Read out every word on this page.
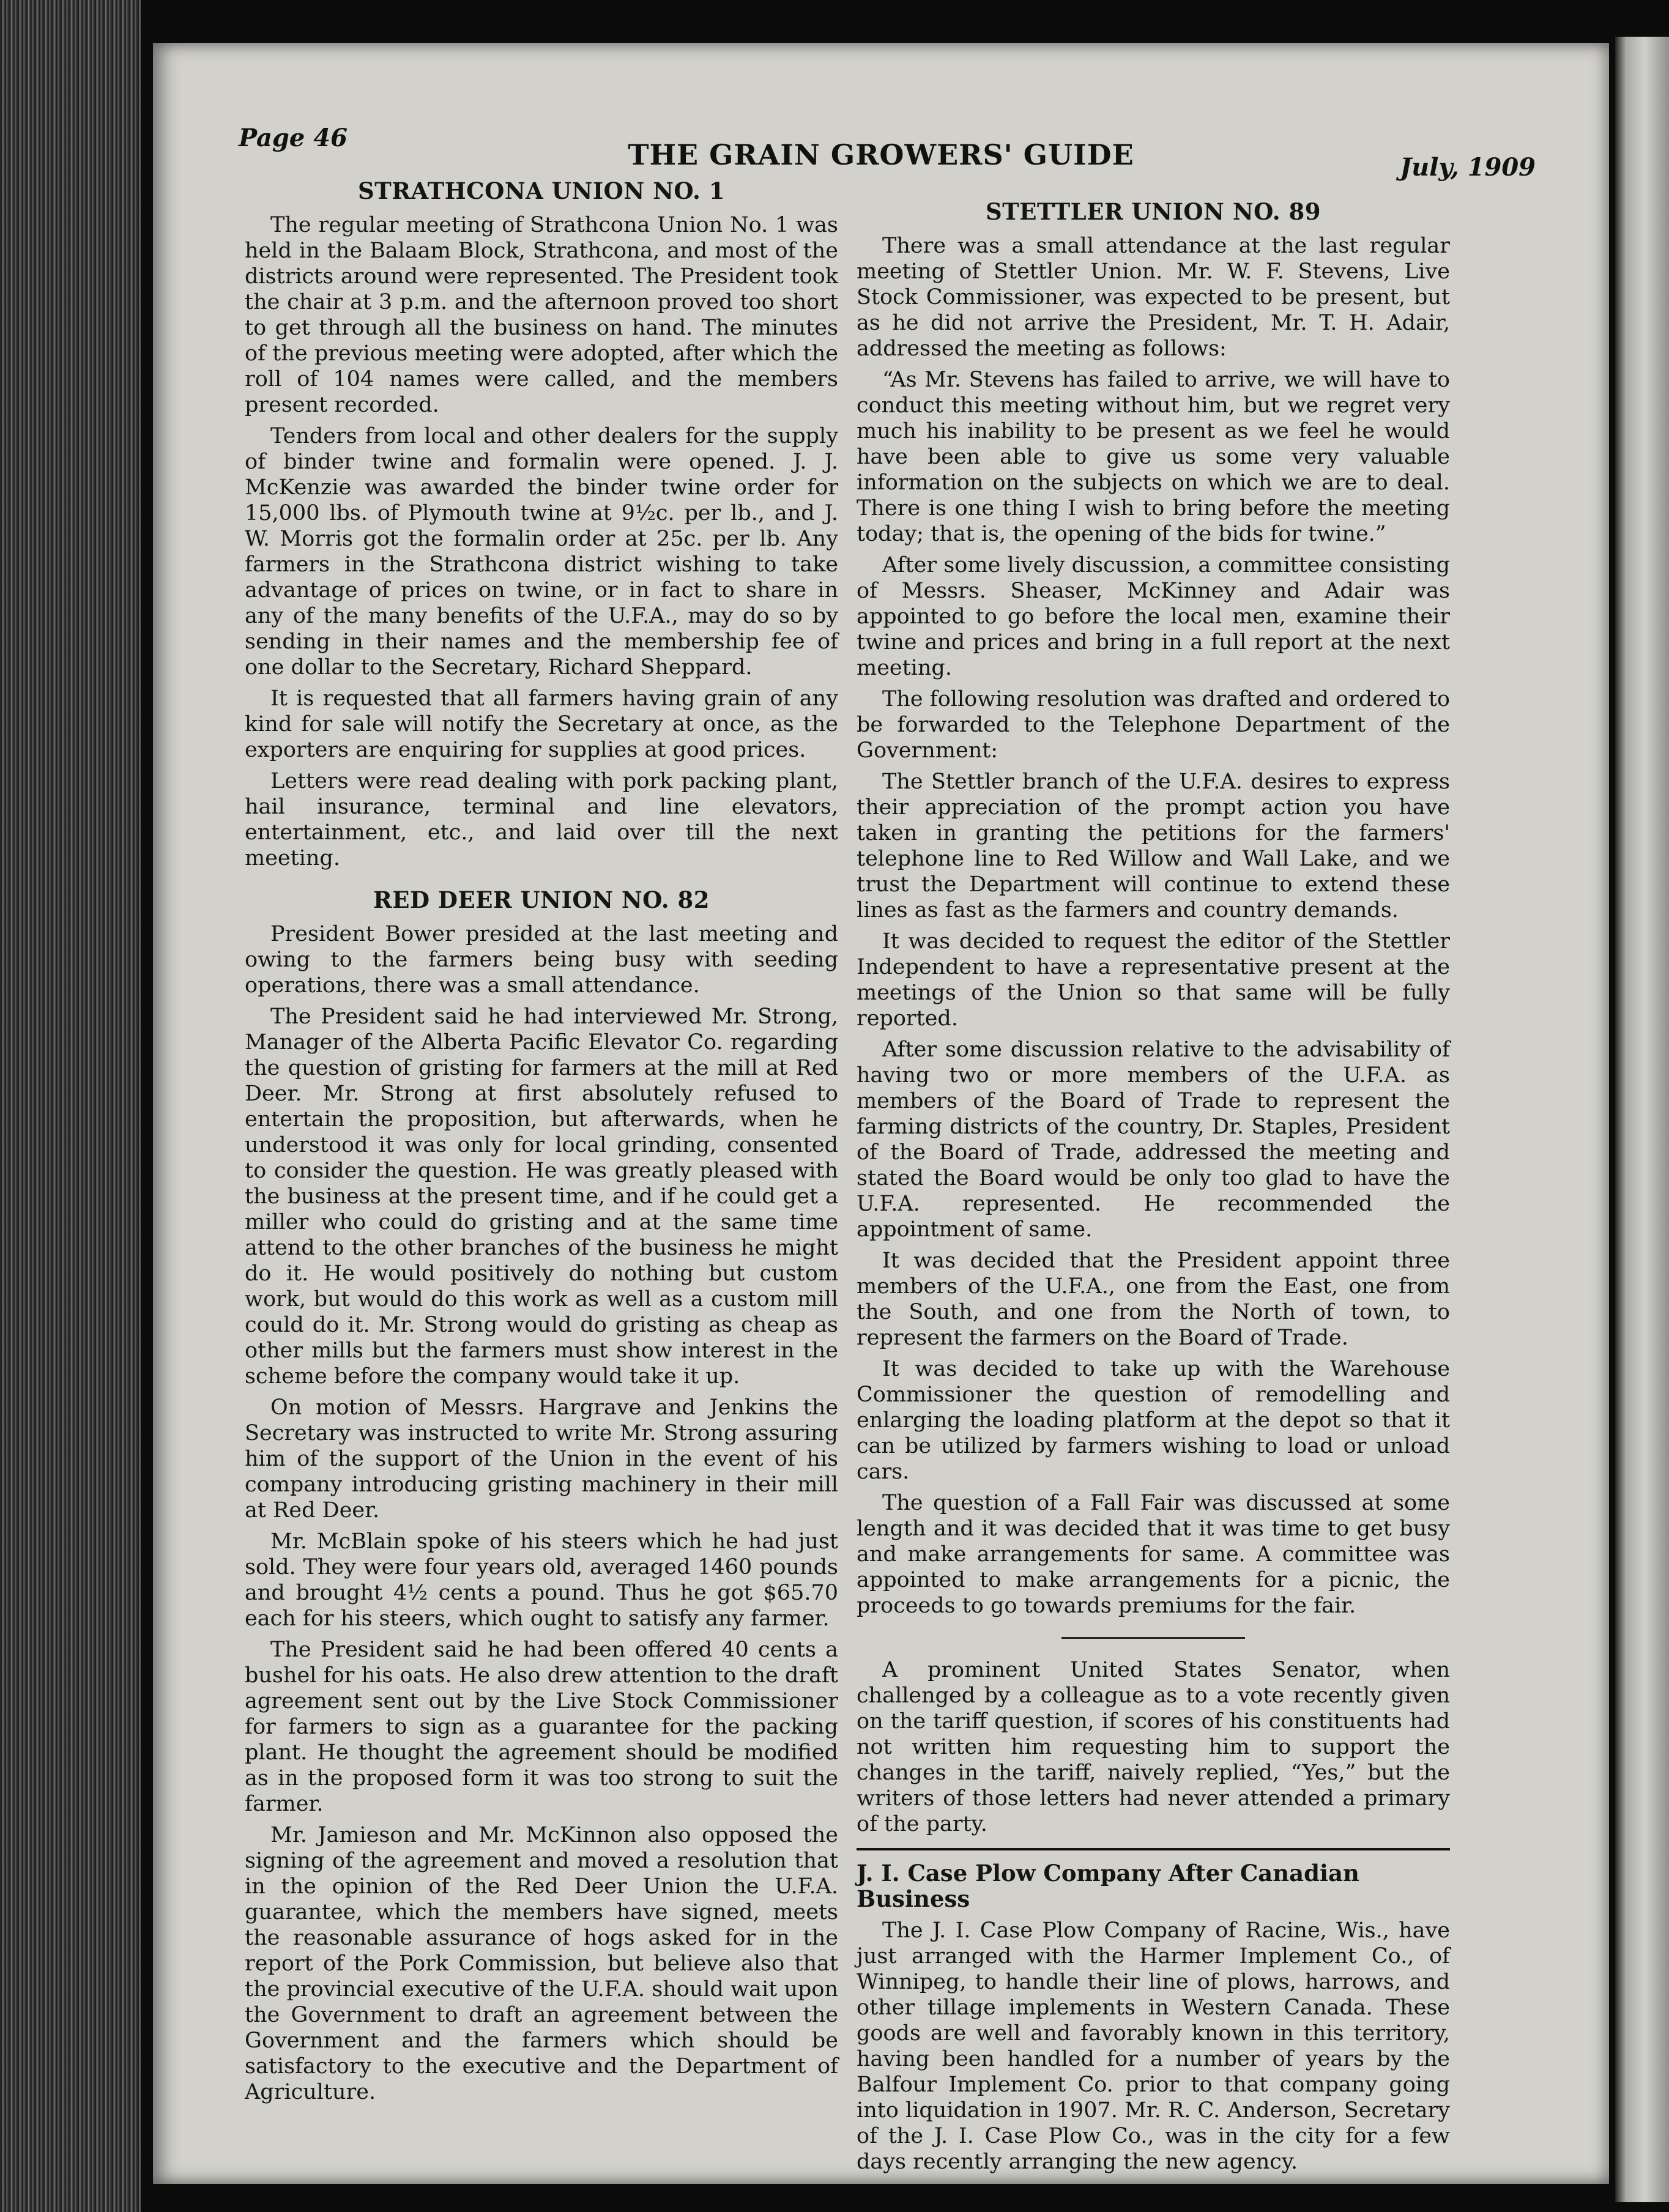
Page 46
THE GRAIN GROWERS' GUIDE	July, 1909
STRATHCONA UNION NO. 1

The regular meeting of Strathcona Union No. 1 was held in the Balaam Block, Strathcona, and most of the districts around were represented. The President took the chair at 3 p.m. and the afternoon proved too short to get through all the business on hand. The minutes of the previous meeting were adopted, after which the roll of 104 names were called, and the members present recorded.

Tenders from local and other dealers for the supply of binder twine and formalin were opened. J. J. McKenzie was awarded the binder twine order for 15,000 lbs. of Plymouth twine at 9½c. per lb., and J. W. Morris got the formalin order at 25c. per lb. Any farmers in the Strathcona district wishing to take advantage of prices on twine, or in fact to share in any of the many benefits of the U.F.A., may do so by sending in their names and the membership fee of one dollar to the Secretary, Richard Sheppard.

It is requested that all farmers having grain of any kind for sale will notify the Secretary at once, as the exporters are enquiring for supplies at good prices.

Letters were read dealing with pork packing plant, hail insurance, terminal and line elevators, entertainment, etc., and laid over till the next meeting.

RED DEER UNION NO. 82

President Bower presided at the last meeting and owing to the farmers being busy with seeding operations, there was a small attendance.

The President said he had interviewed Mr. Strong, Manager of the Alberta Pacific Elevator Co. regarding the question of gristing for farmers at the mill at Red Deer. Mr. Strong at first absolutely refused to entertain the proposition, but afterwards, when he understood it was only for local grinding, consented to consider the question. He was greatly pleased with the business at the present time, and if he could get a miller who could do gristing and at the same time attend to the other branches of the business he might do it. He would positively do nothing but custom work, but would do this work as well as a custom mill could do it. Mr. Strong would do gristing as cheap as other mills but the farmers must show interest in the scheme before the company would take it up.

On motion of Messrs. Hargrave and Jenkins the Secretary was instructed to write Mr. Strong assuring him of the support of the Union in the event of his company introducing gristing machinery in their mill at Red Deer.

Mr. McBlain spoke of his steers which he had just sold. They were four years old, averaged 1460 pounds and brought 4½ cents a pound. Thus he got $65.70 each for his steers, which ought to satisfy any farmer.

The President said he had been offered 40 cents a bushel for his oats. He also drew attention to the draft agreement sent out by the Live Stock Commissioner for farmers to sign as a guarantee for the packing plant. He thought the agreement should be modified as in the proposed form it was too strong to suit the farmer.

Mr. Jamieson and Mr. McKinnon also opposed the signing of the agreement and moved a resolution that in the opinion of the Red Deer Union the U.F.A. guarantee, which the members have signed, meets the reasonable assurance of hogs asked for in the report of the Pork Commission, but believe also that the provincial executive of the U.F.A. should wait upon the Government to draft an agreement between the Government and the farmers which should be satisfactory to the executive and the Department of Agriculture.

STETTLER UNION NO. 89

There was a small attendance at the last regular meeting of Stettler Union. Mr. W. F. Stevens, Live Stock Commissioner, was expected to be present, but as he did not arrive the President, Mr. T. H. Adair, addressed the meeting as follows:

“As Mr. Stevens has failed to arrive, we will have to conduct this meeting without him, but we regret very much his inability to be present as we feel he would have been able to give us some very valuable information on the subjects on which we are to deal. There is one thing I wish to bring before the meeting today; that is, the opening of the bids for twine.”

After some lively discussion, a committee consisting of Messrs. Sheaser, McKinney and Adair was appointed to go before the local men, examine their twine and prices and bring in a full report at the next meeting.

The following resolution was drafted and ordered to be forwarded to the Telephone Department of the Government:

The Stettler branch of the U.F.A. desires to express their appreciation of the prompt action you have taken in granting the petitions for the farmers' telephone line to Red Willow and Wall Lake, and we trust the Department will continue to extend these lines as fast as the farmers and country demands.

It was decided to request the editor of the Stettler Independent to have a representative present at the meetings of the Union so that same will be fully reported.

After some discussion relative to the advisability of having two or more members of the U.F.A. as members of the Board of Trade to represent the farming districts of the country, Dr. Staples, President of the Board of Trade, addressed the meeting and stated the Board would be only too glad to have the U.F.A. represented. He recommended the appointment of same.

It was decided that the President appoint three members of the U.F.A., one from the East, one from the South, and one from the North of town, to represent the farmers on the Board of Trade.

It was decided to take up with the Warehouse Commissioner the question of remodelling and enlarging the loading platform at the depot so that it can be utilized by farmers wishing to load or unload cars.

The question of a Fall Fair was discussed at some length and it was decided that it was time to get busy and make arrangements for same. A committee was appointed to make arrangements for a picnic, the proceeds to go towards premiums for the fair.

A prominent United States Senator, when challenged by a colleague as to a vote recently given on the tariff question, if scores of his constituents had not written him requesting him to support the changes in the tariff, naively replied, “Yes,” but the writers of those letters had never attended a primary of the party.

J. I. Case Plow Company After Canadian Business

The J. I. Case Plow Company of Racine, Wis., have just arranged with the Harmer Implement Co., of Winnipeg, to handle their line of plows, harrows, and other tillage implements in Western Canada. These goods are well and favorably known in this territory, having been handled for a number of years by the Balfour Implement Co. prior to that company going into liquidation in 1907. Mr. R. C. Anderson, Secretary of the J. I. Case Plow Co., was in the city for a few days recently arranging the new agency.
